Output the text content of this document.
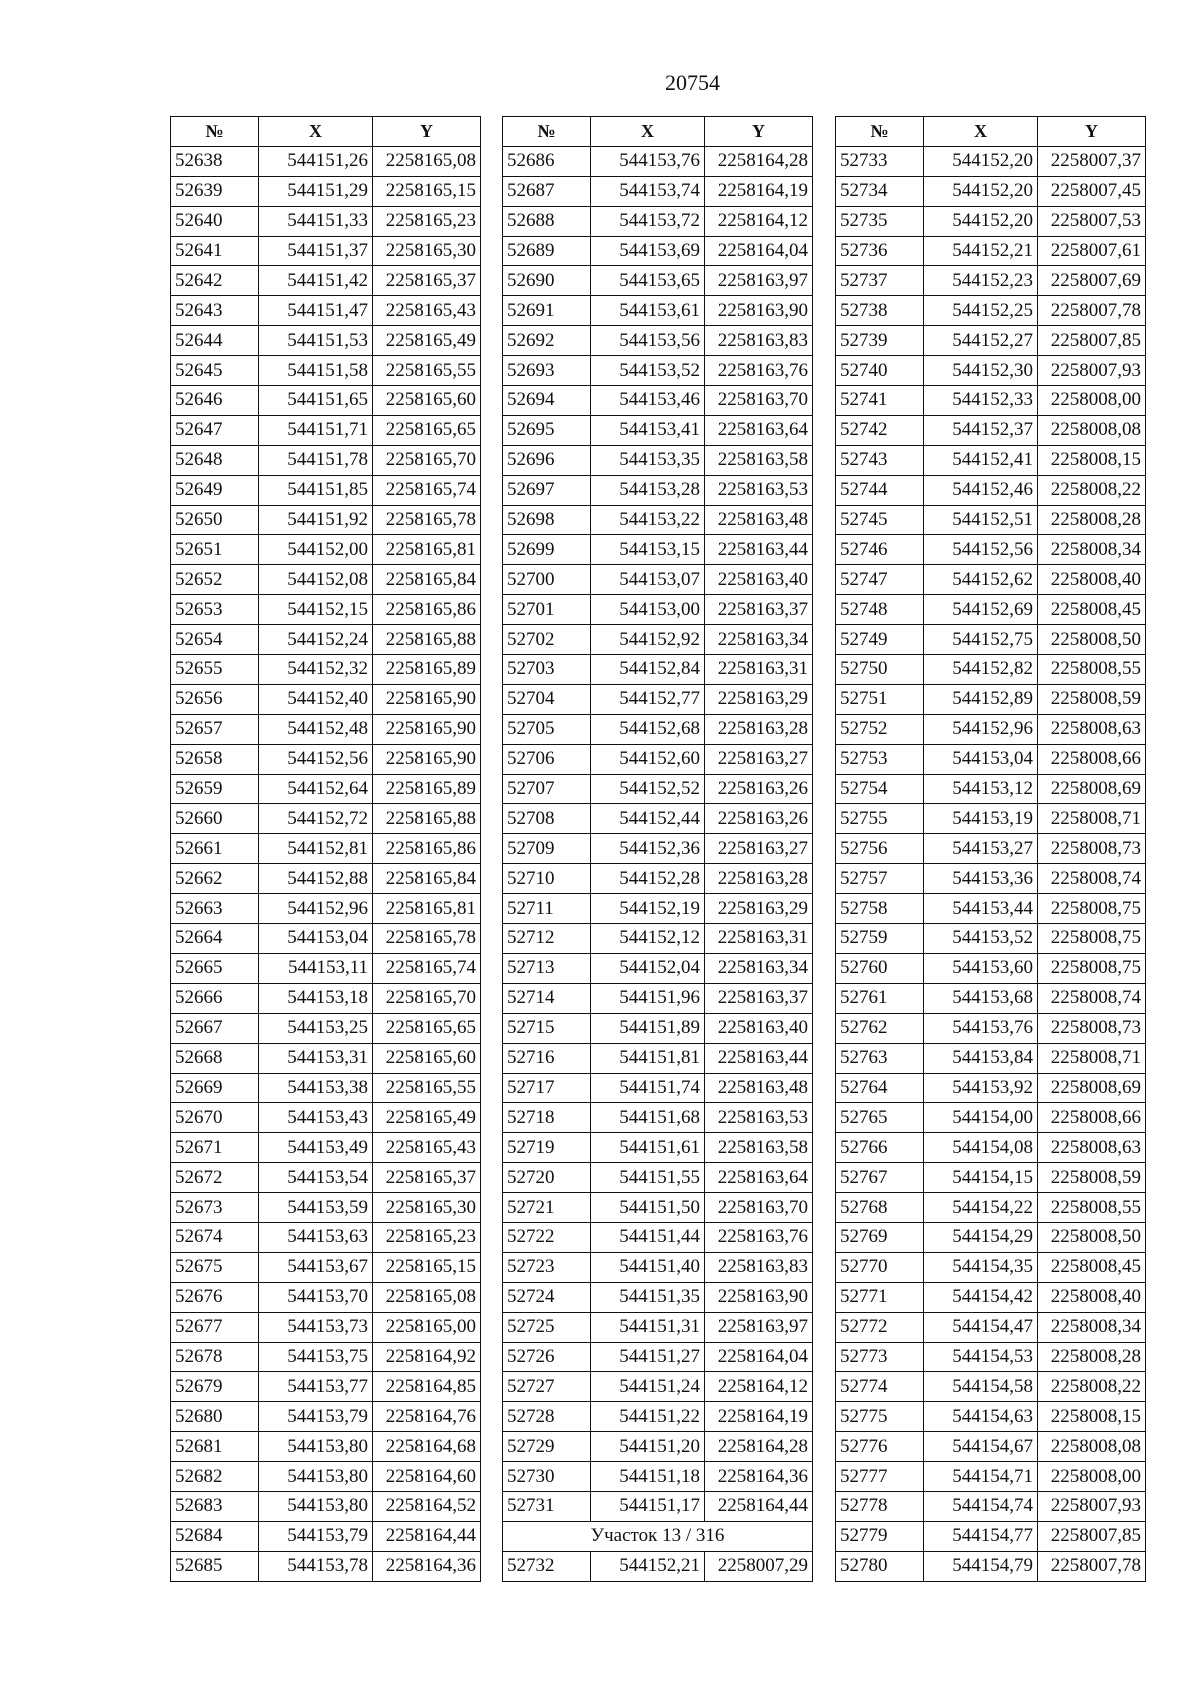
20754
№	X	Y
52638	544151,26	2258165,08
52639	544151,29	2258165,15
52640	544151,33	2258165,23
52641	544151,37	2258165,30
52642	544151,42	2258165,37
52643	544151,47	2258165,43
52644	544151,53	2258165,49
52645	544151,58	2258165,55
52646	544151,65	2258165,60
52647	544151,71	2258165,65
52648	544151,78	2258165,70
52649	544151,85	2258165,74
52650	544151,92	2258165,78
52651	544152,00	2258165,81
52652	544152,08	2258165,84
52653	544152,15	2258165,86
52654	544152,24	2258165,88
52655	544152,32	2258165,89
52656	544152,40	2258165,90
52657	544152,48	2258165,90
52658	544152,56	2258165,90
52659	544152,64	2258165,89
52660	544152,72	2258165,88
52661	544152,81	2258165,86
52662	544152,88	2258165,84
52663	544152,96	2258165,81
52664	544153,04	2258165,78
52665	544153,11	2258165,74
52666	544153,18	2258165,70
52667	544153,25	2258165,65
52668	544153,31	2258165,60
52669	544153,38	2258165,55
52670	544153,43	2258165,49
52671	544153,49	2258165,43
52672	544153,54	2258165,37
52673	544153,59	2258165,30
52674	544153,63	2258165,23
52675	544153,67	2258165,15
52676	544153,70	2258165,08
52677	544153,73	2258165,00
52678	544153,75	2258164,92
52679	544153,77	2258164,85
52680	544153,79	2258164,76
52681	544153,80	2258164,68
52682	544153,80	2258164,60
52683	544153,80	2258164,52
52684	544153,79	2258164,44
52685	544153,78	2258164,36
№	X	Y
52686	544153,76	2258164,28
52687	544153,74	2258164,19
52688	544153,72	2258164,12
52689	544153,69	2258164,04
52690	544153,65	2258163,97
52691	544153,61	2258163,90
52692	544153,56	2258163,83
52693	544153,52	2258163,76
52694	544153,46	2258163,70
52695	544153,41	2258163,64
52696	544153,35	2258163,58
52697	544153,28	2258163,53
52698	544153,22	2258163,48
52699	544153,15	2258163,44
52700	544153,07	2258163,40
52701	544153,00	2258163,37
52702	544152,92	2258163,34
52703	544152,84	2258163,31
52704	544152,77	2258163,29
52705	544152,68	2258163,28
52706	544152,60	2258163,27
52707	544152,52	2258163,26
52708	544152,44	2258163,26
52709	544152,36	2258163,27
52710	544152,28	2258163,28
52711	544152,19	2258163,29
52712	544152,12	2258163,31
52713	544152,04	2258163,34
52714	544151,96	2258163,37
52715	544151,89	2258163,40
52716	544151,81	2258163,44
52717	544151,74	2258163,48
52718	544151,68	2258163,53
52719	544151,61	2258163,58
52720	544151,55	2258163,64
52721	544151,50	2258163,70
52722	544151,44	2258163,76
52723	544151,40	2258163,83
52724	544151,35	2258163,90
52725	544151,31	2258163,97
52726	544151,27	2258164,04
52727	544151,24	2258164,12
52728	544151,22	2258164,19
52729	544151,20	2258164,28
52730	544151,18	2258164,36
52731	544151,17	2258164,44
Участок 13 / 316		
52732	544152,21	2258007,29
№	X	Y
52733	544152,20	2258007,37
52734	544152,20	2258007,45
52735	544152,20	2258007,53
52736	544152,21	2258007,61
52737	544152,23	2258007,69
52738	544152,25	2258007,78
52739	544152,27	2258007,85
52740	544152,30	2258007,93
52741	544152,33	2258008,00
52742	544152,37	2258008,08
52743	544152,41	2258008,15
52744	544152,46	2258008,22
52745	544152,51	2258008,28
52746	544152,56	2258008,34
52747	544152,62	2258008,40
52748	544152,69	2258008,45
52749	544152,75	2258008,50
52750	544152,82	2258008,55
52751	544152,89	2258008,59
52752	544152,96	2258008,63
52753	544153,04	2258008,66
52754	544153,12	2258008,69
52755	544153,19	2258008,71
52756	544153,27	2258008,73
52757	544153,36	2258008,74
52758	544153,44	2258008,75
52759	544153,52	2258008,75
52760	544153,60	2258008,75
52761	544153,68	2258008,74
52762	544153,76	2258008,73
52763	544153,84	2258008,71
52764	544153,92	2258008,69
52765	544154,00	2258008,66
52766	544154,08	2258008,63
52767	544154,15	2258008,59
52768	544154,22	2258008,55
52769	544154,29	2258008,50
52770	544154,35	2258008,45
52771	544154,42	2258008,40
52772	544154,47	2258008,34
52773	544154,53	2258008,28
52774	544154,58	2258008,22
52775	544154,63	2258008,15
52776	544154,67	2258008,08
52777	544154,71	2258008,00
52778	544154,74	2258007,93
52779	544154,77	2258007,85
52780	544154,79	2258007,78
